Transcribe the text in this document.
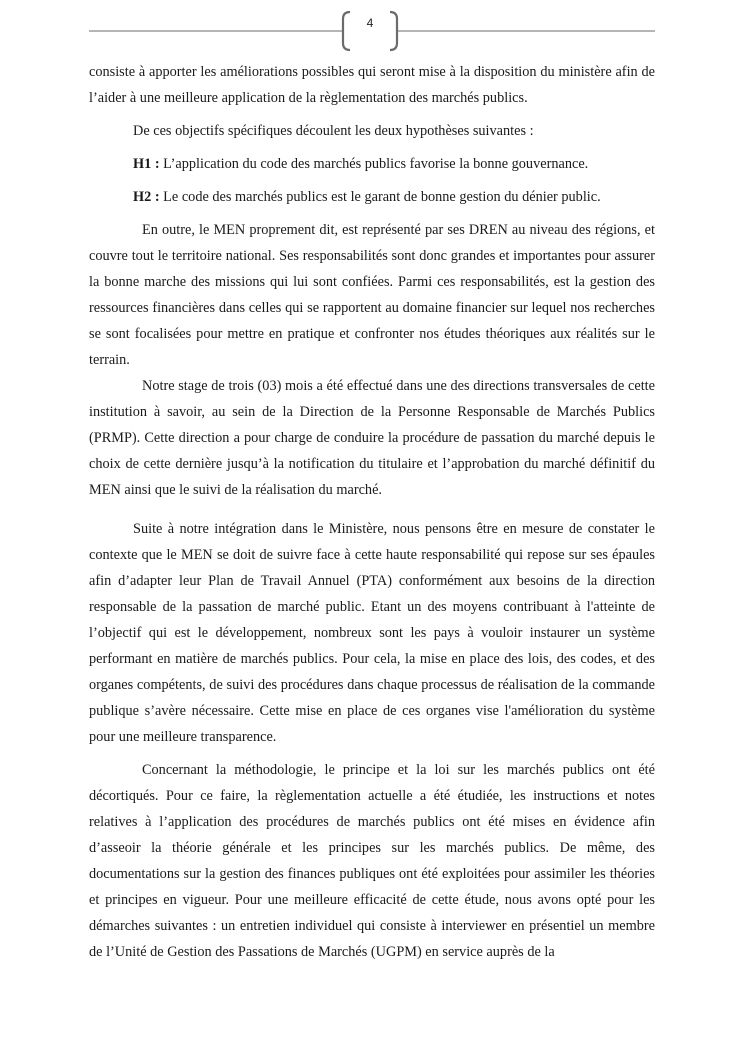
4

consiste à apporter les améliorations possibles qui seront mise à la disposition du ministère afin de l’aider à une meilleure application de la règlementation des marchés publics.

De ces objectifs spécifiques découlent les deux hypothèses suivantes :

H1 : L’application du code des marchés publics favorise la bonne gouvernance.

H2 : Le code des marchés publics est le garant de bonne gestion du dénier public.

En outre, le MEN proprement dit, est représenté par ses DREN au niveau des régions, et couvre tout le territoire national. Ses responsabilités sont donc grandes et importantes pour assurer la bonne marche des missions qui lui sont confiées. Parmi ces responsabilités, est la gestion des ressources financières dans celles qui se rapportent au domaine financier sur lequel nos recherches se sont focalisées pour mettre en pratique et confronter nos études théoriques aux réalités sur le terrain.

Notre stage de trois (03) mois a été effectué dans une des directions transversales de cette institution à savoir, au sein de la Direction de la Personne Responsable de Marchés Publics (PRMP). Cette direction a pour charge de conduire la procédure de passation du marché depuis le choix de cette dernière jusqu’à la notification du titulaire et l’approbation du marché définitif du MEN ainsi que le suivi de la réalisation du marché.

Suite à notre intégration dans le Ministère, nous pensons être en mesure de constater le contexte que le MEN se doit de suivre face à cette haute responsabilité qui repose sur ses épaules afin d’adapter leur Plan de Travail Annuel (PTA) conformément aux besoins de la direction responsable de la passation de marché public. Etant un des moyens contribuant à l'atteinte de l’objectif qui est le développement, nombreux sont les pays à vouloir instaurer un système performant en matière de marchés publics. Pour cela, la mise en place des lois, des codes, et des organes compétents, de suivi des procédures dans chaque processus de réalisation de la commande publique s’avère nécessaire. Cette mise en place de ces organes vise l'amélioration du système pour une meilleure transparence.

Concernant la méthodologie, le principe et la loi sur les marchés publics ont été décortiqués. Pour ce faire, la règlementation actuelle a été étudiée, les instructions et notes relatives à l’application des procédures de marchés publics ont été mises en évidence afin d’asseoir la théorie générale et les principes sur les marchés publics. De même, des documentations sur la gestion des finances publiques ont été exploitées pour assimiler les théories et principes en vigueur. Pour une meilleure efficacité de cette étude, nous avons opté pour les démarches suivantes : un entretien individuel qui consiste à interviewer en présentiel un membre de l’Unité de Gestion des Passations de Marchés (UGPM) en service auprès de la
